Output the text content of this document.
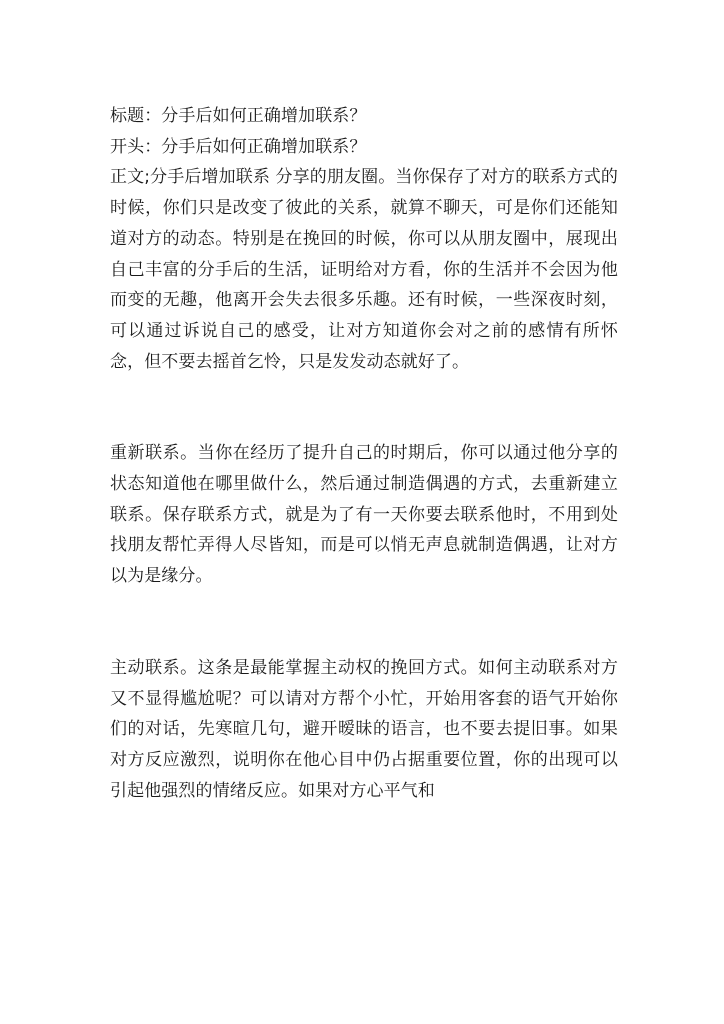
标题：分手后如何正确增加联系？

开头：分手后如何正确增加联系？

正文;分手后增加联系 分享的朋友圈。当你保存了对方的联系方式的时候，你们只是改变了彼此的关系，就算不聊天，可是你们还能知道对方的动态。特别是在挽回的时候，你可以从朋友圈中，展现出自己丰富的分手后的生活，证明给对方看，你的生活并不会因为他而变的无趣，他离开会失去很多乐趣。还有时候，一些深夜时刻，可以通过诉说自己的感受，让对方知道你会对之前的感情有所怀念，但不要去摇首乞怜，只是发发动态就好了。

重新联系。当你在经历了提升自己的时期后，你可以通过他分享的状态知道他在哪里做什么，然后通过制造偶遇的方式，去重新建立联系。保存联系方式，就是为了有一天你要去联系他时，不用到处找朋友帮忙弄得人尽皆知，而是可以悄无声息就制造偶遇，让对方以为是缘分。

主动联系。这条是最能掌握主动权的挽回方式。如何主动联系对方又不显得尴尬呢？可以请对方帮个小忙，开始用客套的语气开始你们的对话，先寒暄几句，避开暧昧的语言，也不要去提旧事。如果对方反应激烈，说明你在他心目中仍占据重要位置，你的出现可以引起他强烈的情绪反应。如果对方心平气和
